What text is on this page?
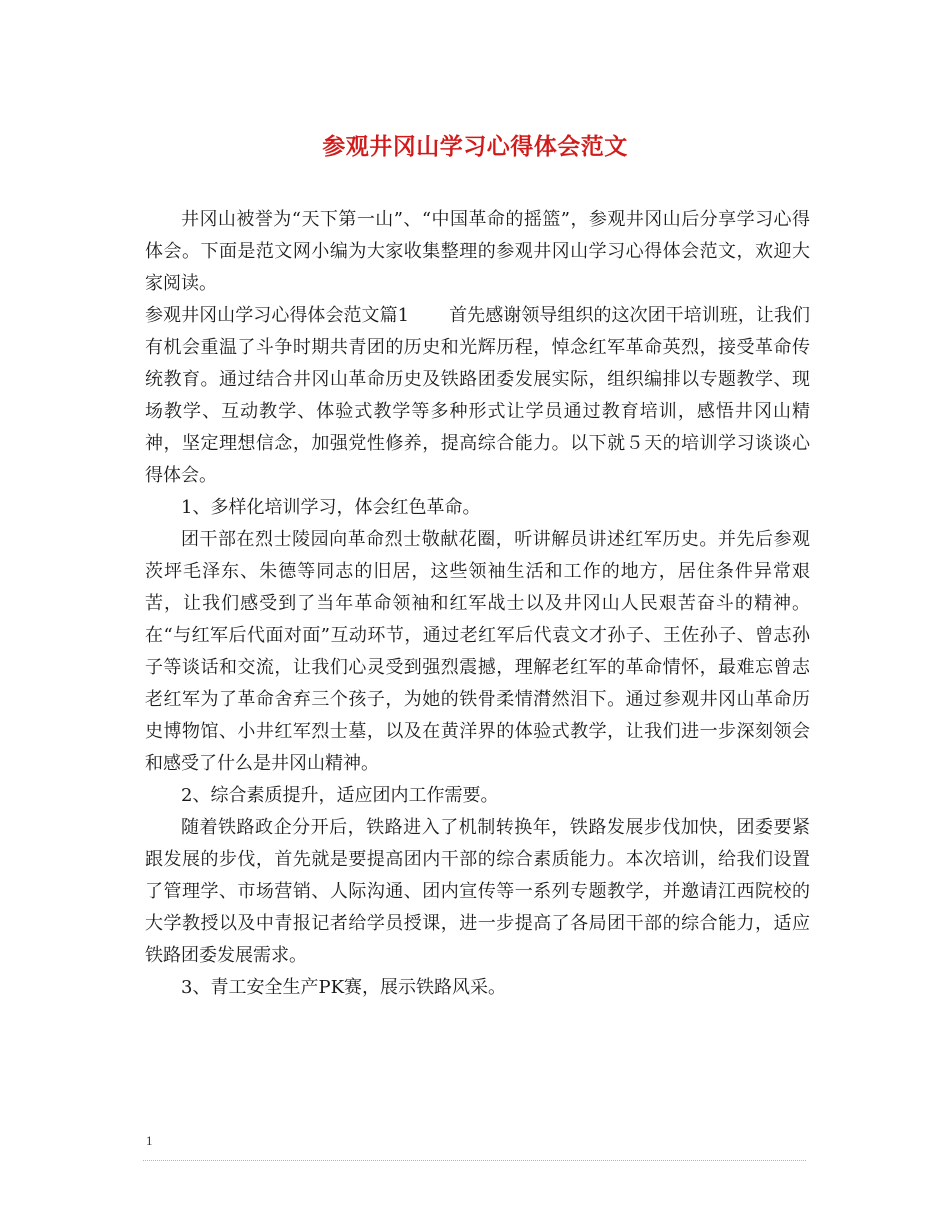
参观井冈山学习心得体会范文

井冈山被誉为“天下第一山”、“中国革命的摇篮”，参观井冈山后分享学习心得体会。下面是范文网小编为大家收集整理的参观井冈山学习心得体会范文，欢迎大家阅读。

参观井冈山学习心得体会范文篇1 首先感谢领导组织的这次团干培训班，让我们有机会重温了斗争时期共青团的历史和光辉历程，悼念红军革命英烈，接受革命传统教育。通过结合井冈山革命历史及铁路团委发展实际，组织编排以专题教学、现场教学、互动教学、体验式教学等多种形式让学员通过教育培训，感悟井冈山精神，坚定理想信念，加强党性修养，提高综合能力。以下就５天的培训学习谈谈心得体会。

1、多样化培训学习，体会红色革命。

团干部在烈士陵园向革命烈士敬献花圈，听讲解员讲述红军历史。并先后参观茨坪毛泽东、朱德等同志的旧居，这些领袖生活和工作的地方，居住条件异常艰苦，让我们感受到了当年革命领袖和红军战士以及井冈山人民艰苦奋斗的精神。在“与红军后代面对面”互动环节，通过老红军后代袁文才孙子、王佐孙子、曾志孙子等谈话和交流，让我们心灵受到强烈震撼，理解老红军的革命情怀，最难忘曾志老红军为了革命舍弃三个孩子，为她的铁骨柔情潸然泪下。通过参观井冈山革命历史博物馆、小井红军烈士墓，以及在黄洋界的体验式教学，让我们进一步深刻领会和感受了什么是井冈山精神。

2、综合素质提升，适应团内工作需要。

随着铁路政企分开后，铁路进入了机制转换年，铁路发展步伐加快，团委要紧跟发展的步伐，首先就是要提高团内干部的综合素质能力。本次培训，给我们设置了管理学、市场营销、人际沟通、团内宣传等一系列专题教学，并邀请江西院校的大学教授以及中青报记者给学员授课，进一步提高了各局团干部的综合能力，适应铁路团委发展需求。

3、青工安全生产PK赛，展示铁路风采。

1
